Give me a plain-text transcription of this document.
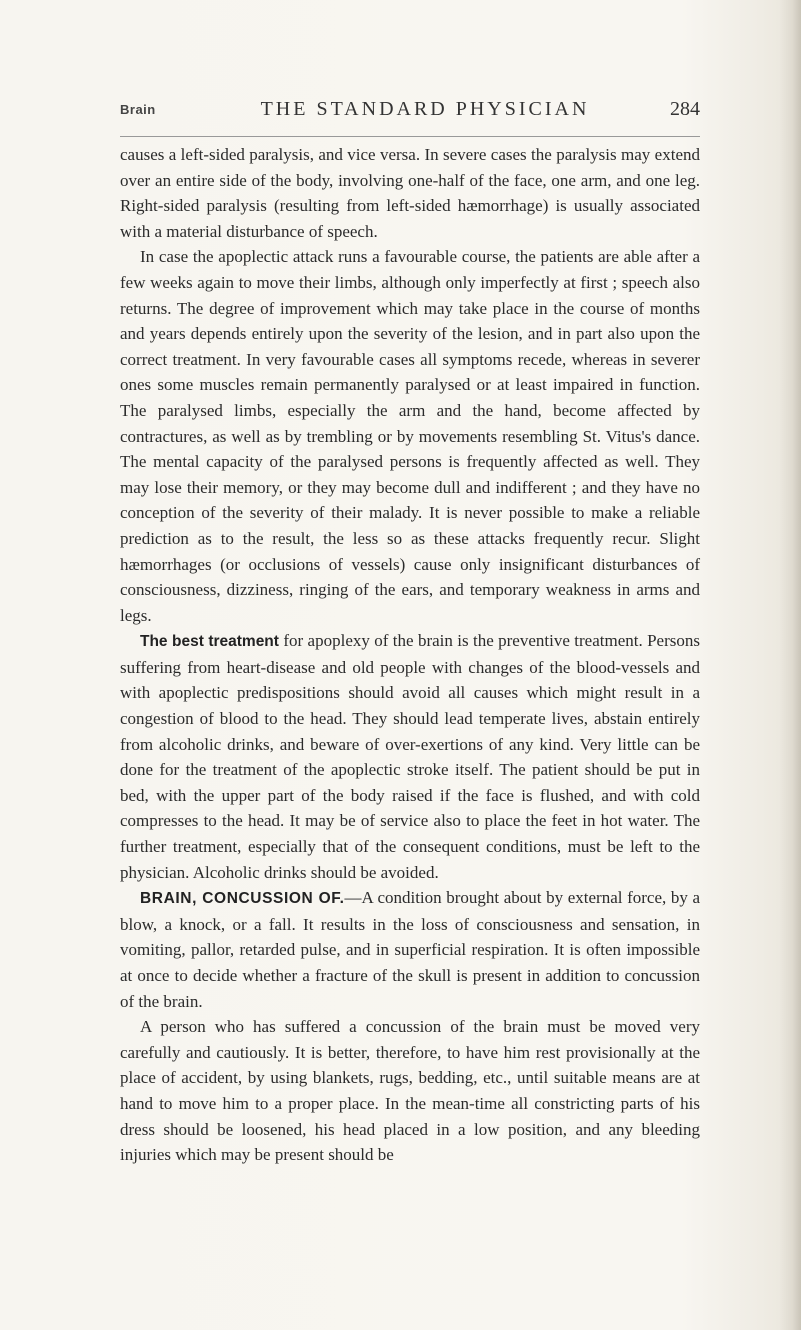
Brain	THE STANDARD PHYSICIAN	284

causes a left-sided paralysis, and vice versa. In severe cases the paralysis may extend over an entire side of the body, involving one-half of the face, one arm, and one leg. Right-sided paralysis (resulting from left-sided hæmorrhage) is usually associated with a material disturbance of speech.

In case the apoplectic attack runs a favourable course, the patients are able after a few weeks again to move their limbs, although only imperfectly at first ; speech also returns. The degree of improvement which may take place in the course of months and years depends entirely upon the severity of the lesion, and in part also upon the correct treatment. In very favourable cases all symptoms recede, whereas in severer ones some muscles remain permanently paralysed or at least impaired in function. The paralysed limbs, especially the arm and the hand, become affected by contractures, as well as by trembling or by movements resembling St. Vitus's dance. The mental capacity of the paralysed persons is frequently affected as well. They may lose their memory, or they may become dull and indifferent ; and they have no conception of the severity of their malady. It is never possible to make a reliable prediction as to the result, the less so as these attacks frequently recur. Slight hæmorrhages (or occlusions of vessels) cause only insignificant disturbances of consciousness, dizziness, ringing of the ears, and temporary weakness in arms and legs.

The best treatment for apoplexy of the brain is the preventive treatment. Persons suffering from heart-disease and old people with changes of the blood-vessels and with apoplectic predispositions should avoid all causes which might result in a congestion of blood to the head. They should lead temperate lives, abstain entirely from alcoholic drinks, and beware of over-exertions of any kind. Very little can be done for the treatment of the apoplectic stroke itself. The patient should be put in bed, with the upper part of the body raised if the face is flushed, and with cold compresses to the head. It may be of service also to place the feet in hot water. The further treatment, especially that of the consequent conditions, must be left to the physician. Alcoholic drinks should be avoided.

BRAIN, CONCUSSION OF.—A condition brought about by external force, by a blow, a knock, or a fall. It results in the loss of consciousness and sensation, in vomiting, pallor, retarded pulse, and in superficial respiration. It is often impossible at once to decide whether a fracture of the skull is present in addition to concussion of the brain.

A person who has suffered a concussion of the brain must be moved very carefully and cautiously. It is better, therefore, to have him rest provisionally at the place of accident, by using blankets, rugs, bedding, etc., until suitable means are at hand to move him to a proper place. In the mean-time all constricting parts of his dress should be loosened, his head placed in a low position, and any bleeding injuries which may be present should be
